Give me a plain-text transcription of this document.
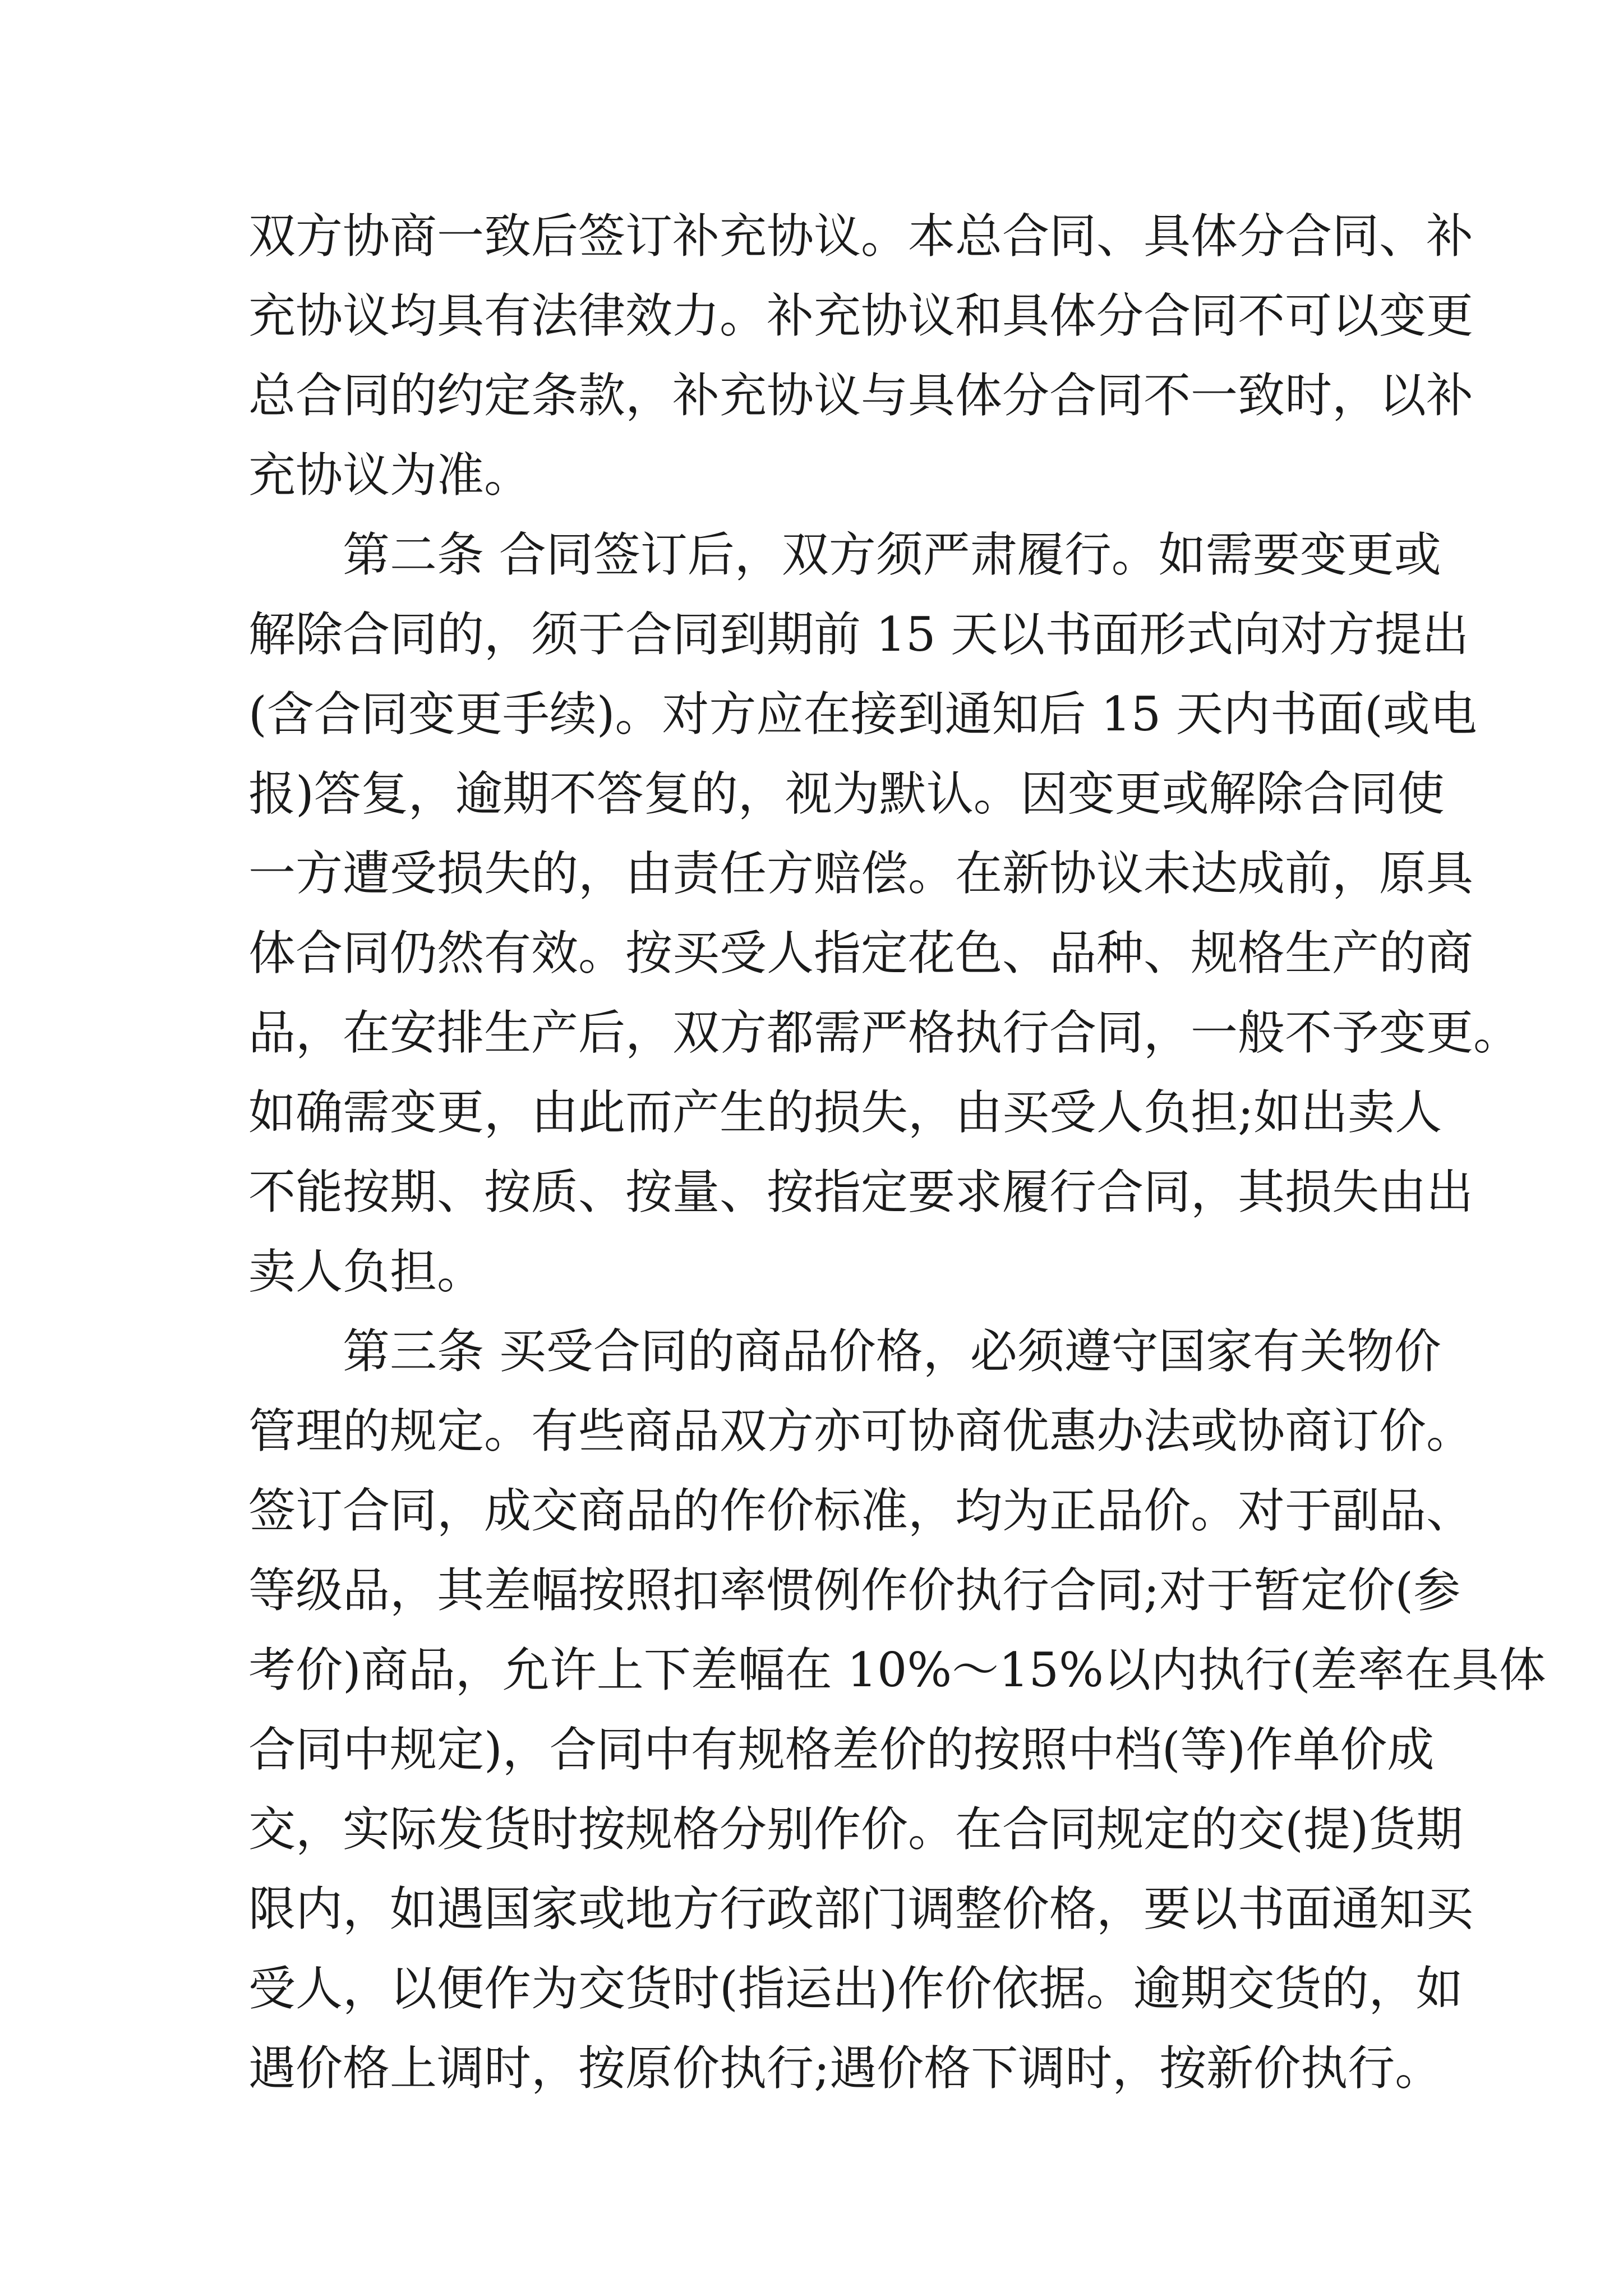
双方协商一致后签订补充协议。本总合同、具体分合同、补
充协议均具有法律效力。补充协议和具体分合同不可以变更
总合同的约定条款，补充协议与具体分合同不一致时，以补
充协议为准。
第二条 合同签订后，双方须严肃履行。如需要变更或
解除合同的，须于合同到期前 15 天以书面形式向对方提出
(含合同变更手续)。对方应在接到通知后 15 天内书面(或电
报)答复，逾期不答复的，视为默认。因变更或解除合同使
一方遭受损失的，由责任方赔偿。在新协议未达成前，原具
体合同仍然有效。按买受人指定花色、品种、规格生产的商
品，在安排生产后，双方都需严格执行合同，一般不予变更。
如确需变更，由此而产生的损失，由买受人负担;如出卖人
不能按期、按质、按量、按指定要求履行合同，其损失由出
卖人负担。
第三条 买受合同的商品价格，必须遵守国家有关物价
管理的规定。有些商品双方亦可协商优惠办法或协商订价。
签订合同，成交商品的作价标准，均为正品价。对于副品、
等级品，其差幅按照扣率惯例作价执行合同;对于暂定价(参
考价)商品，允许上下差幅在 10%～15%以内执行(差率在具体
合同中规定)，合同中有规格差价的按照中档(等)作单价成
交，实际发货时按规格分别作价。在合同规定的交(提)货期
限内，如遇国家或地方行政部门调整价格，要以书面通知买
受人，以便作为交货时(指运出)作价依据。逾期交货的，如
遇价格上调时，按原价执行;遇价格下调时，按新价执行。
